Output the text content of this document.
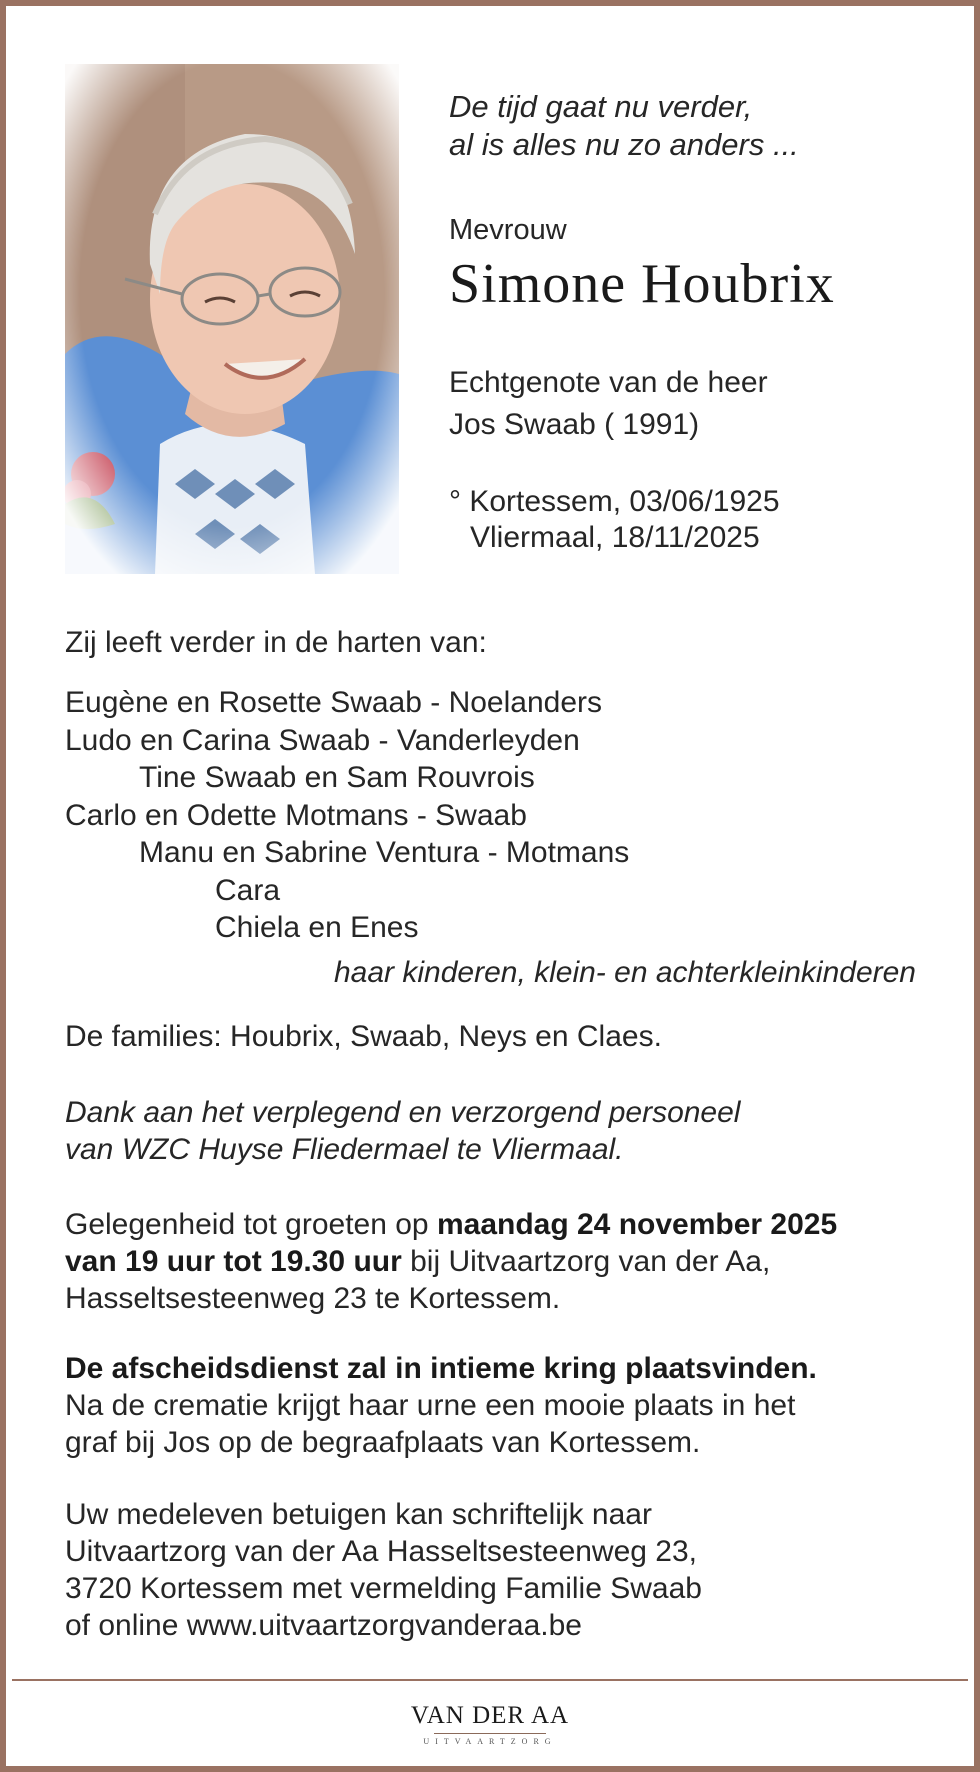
De tijd gaat nu verder,
al is alles nu zo anders ...
Mevrouw
Simone Houbrix
Echtgenote van de heer
Jos Swaab ( 1991)
° Kortessem, 03/06/1925
Vliermaal, 18/11/2025
Zij leeft verder in de harten van:
Eugène en Rosette Swaab - Noelanders
Ludo en Carina Swaab - Vanderleyden
Tine Swaab en Sam Rouvrois
Carlo en Odette Motmans - Swaab
Manu en Sabrine Ventura - Motmans
Cara
Chiela en Enes
haar kinderen, klein- en achterkleinkinderen
De families: Houbrix, Swaab, Neys en Claes.
Dank aan het verplegend en verzorgend personeel
van WZC Huyse Fliedermael te Vliermaal.
Gelegenheid tot groeten op maandag 24 november 2025
van 19 uur tot 19.30 uur bij Uitvaartzorg van der Aa,
Hasseltsesteenweg 23 te Kortessem.
De afscheidsdienst zal in intieme kring plaatsvinden.
Na de crematie krijgt haar urne een mooie plaats in het
graf bij Jos op de begraafplaats van Kortessem.
Uw medeleven betuigen kan schriftelijk naar
Uitvaartzorg van der Aa Hasseltsesteenweg 23,
3720 Kortessem met vermelding Familie Swaab
of online www.uitvaartzorgvanderaa.be
VAN DER AA
UITVAARTZORG
